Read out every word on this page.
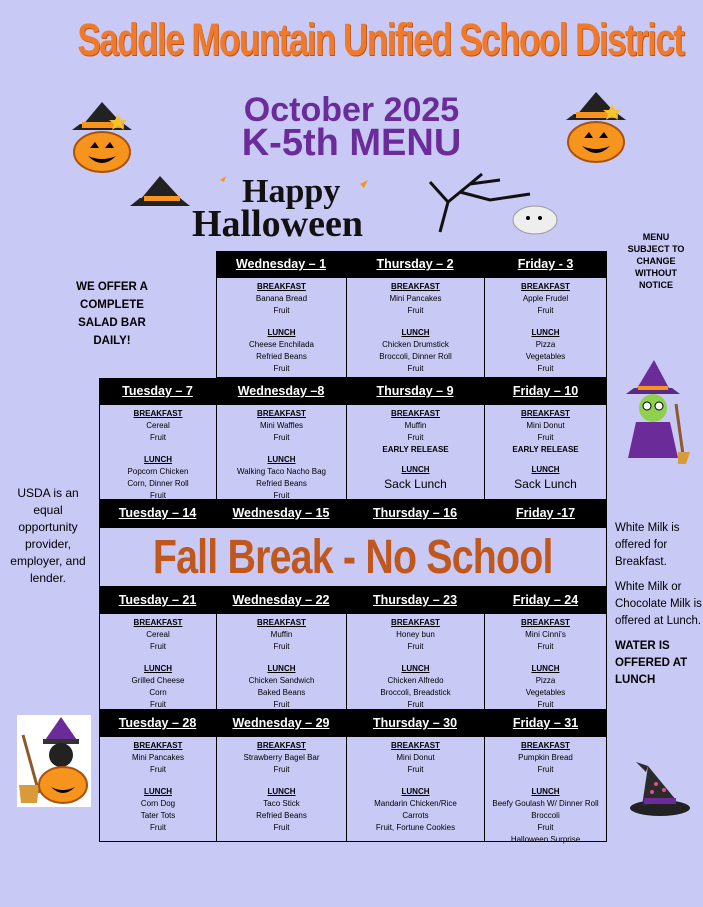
Saddle Mountain Unified School District
October 2025
K-5th MENU
Happy
Halloween	MENU SUBJECT TO CHANGE WITHOUT NOTICE
WE OFFER A COMPLETE SALAD BAR DAILY!
USDA is an equal opportunity provider, employer, and lender.

White Milk is offered for Breakfast.

White Milk or Chocolate Milk is offered at Lunch.

WATER IS OFFERED AT LUNCH

Wednesday – 1	Thursday – 2	Friday - 3
BREAKFAST
Banana Bread
Fruit
LUNCH
Cheese Enchilada
Refried Beans
Fruit
BREAKFAST
Mini Pancakes
Fruit
LUNCH
Chicken Drumstick
Broccoli, Dinner Roll
Fruit
BREAKFAST
Apple Frudel
Fruit
LUNCH
Pizza
Vegetables
Fruit
Tuesday – 7	Wednesday –8	Thursday – 9	Friday – 10
BREAKFAST
Cereal
Fruit
LUNCH
Popcorn Chicken
Corn, Dinner Roll
Fruit
BREAKFAST
Mini Waffles
Fruit
LUNCH
Walking Taco Nacho Bag
Refried Beans
Fruit
BREAKFAST
Muffin
Fruit
EARLY RELEASE
LUNCH
Sack Lunch
BREAKFAST
Mini Donut
Fruit
EARLY RELEASE
LUNCH
Sack Lunch
Tuesday – 14	Wednesday – 15	Thursday – 16	Friday -17
Fall Break - No School
Tuesday – 21	Wednesday – 22	Thursday – 23	Friday – 24
BREAKFAST
Cereal
Fruit
LUNCH
Grilled Cheese
Corn
Fruit
BREAKFAST
Muffin
Fruit
LUNCH
Chicken Sandwich
Baked Beans
Fruit
BREAKFAST
Honey bun
Fruit
LUNCH
Chicken Alfredo
Broccoli, Breadstick
Fruit
BREAKFAST
Mini Cinni's
Fruit
LUNCH
Pizza
Vegetables
Fruit
Tuesday – 28	Wednesday – 29	Thursday – 30	Friday – 31
BREAKFAST
Mini Pancakes
Fruit
LUNCH
Corn Dog
Tater Tots
Fruit
BREAKFAST
Strawberry Bagel Bar
Fruit
LUNCH
Taco Stick
Refried Beans
Fruit
BREAKFAST
Mini Donut
Fruit
LUNCH
Mandarin Chicken/Rice
Carrots
Fruit, Fortune Cookies
BREAKFAST
Pumpkin Bread
Fruit
LUNCH
Beefy Goulash W/ Dinner Roll
Broccoli
Fruit
Halloween Surprise
